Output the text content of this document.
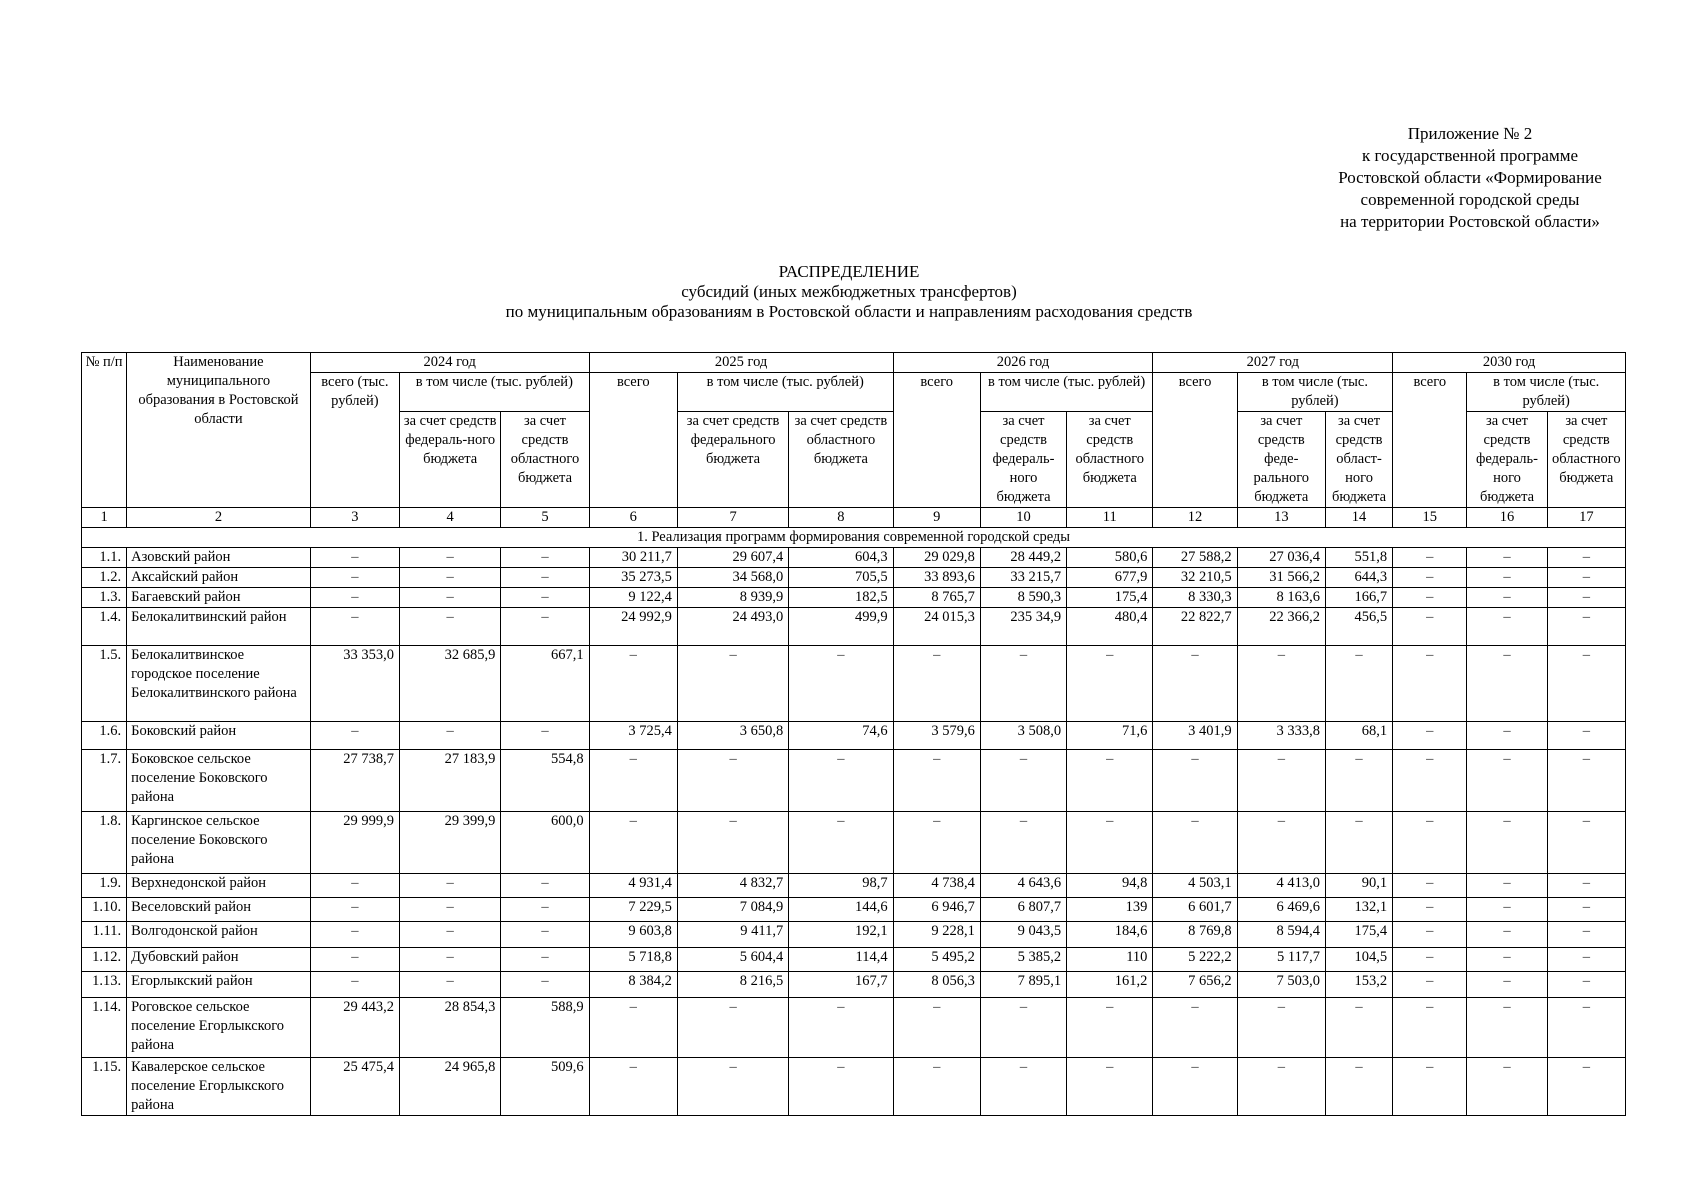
Приложение № 2
к государственной программе
Ростовской области «Формирование
современной городской среды
на территории Ростовской области»
РАСПРЕДЕЛЕНИЕ
субсидий (иных межбюджетных трансфертов)
по муниципальным образованиям в Ростовской области и направлениям расходования средств
№ п/п	Наименование муниципального образования в Ростовской области	2024 год			2025 год			2026 год			2027 год			2030 год		
		всего (тыс. рублей)	в том числе (тыс. рублей)		всего	в том числе (тыс. рублей)		всего	в том числе (тыс. рублей)		всего	в том числе (тыс. рублей)		всего	в том числе (тыс. рублей)	
			за счет средств федераль-ного бюджета	за счет средств областного бюджета		за счет средств федерального бюджета	за счет средств областного бюджета		за счет средств федераль-ного бюджета	за счет средств областного бюджета		за счет средств феде-рального бюджета	за счет средств област-ного бюджета		за счет средств федераль-ного бюджета	за счет средств областного бюджета
1	2	3	4	5	6	7	8	9	10	11	12	13	14	15	16	17
1. Реализация программ формирования современной городской среды																
1.1.	Азовский район	–	–	–	30 211,7	29 607,4	604,3	29 029,8	28 449,2	580,6	27 588,2	27 036,4	551,8	–	–	–
1.2.	Аксайский район	–	–	–	35 273,5	34 568,0	705,5	33 893,6	33 215,7	677,9	32 210,5	31 566,2	644,3	–	–	–
1.3.	Багаевский район	–	–	–	9 122,4	8 939,9	182,5	8 765,7	8 590,3	175,4	8 330,3	8 163,6	166,7	–	–	–
1.4.	Белокалитвинский район	–	–	–	24 992,9	24 493,0	499,9	24 015,3	235 34,9	480,4	22 822,7	22 366,2	456,5	–	–	–
1.5.	Белокалитвинское городское поселение Белокалитвинского района	33 353,0	32 685,9	667,1	–	–	–	–	–	–	–	–	–	–	–	–
1.6.	Боковский район	–	–	–	3 725,4	3 650,8	74,6	3 579,6	3 508,0	71,6	3 401,9	3 333,8	68,1	–	–	–
1.7.	Боковское сельское поселение Боковского района	27 738,7	27 183,9	554,8	–	–	–	–	–	–	–	–	–	–	–	–
1.8.	Каргинское сельское поселение Боковского района	29 999,9	29 399,9	600,0	–	–	–	–	–	–	–	–	–	–	–	–
1.9.	Верхнедонской район	–	–	–	4 931,4	4 832,7	98,7	4 738,4	4 643,6	94,8	4 503,1	4 413,0	90,1	–	–	–
1.10.	Веселовский район	–	–	–	7 229,5	7 084,9	144,6	6 946,7	6 807,7	139	6 601,7	6 469,6	132,1	–	–	–
1.11.	Волгодонской район	–	–	–	9 603,8	9 411,7	192,1	9 228,1	9 043,5	184,6	8 769,8	8 594,4	175,4	–	–	–
1.12.	Дубовский район	–	–	–	5 718,8	5 604,4	114,4	5 495,2	5 385,2	110	5 222,2	5 117,7	104,5	–	–	–
1.13.	Егорлыкский район	–	–	–	8 384,2	8 216,5	167,7	8 056,3	7 895,1	161,2	7 656,2	7 503,0	153,2	–	–	–
1.14.	Роговское сельское поселение Егорлыкского района	29 443,2	28 854,3	588,9	–	–	–	–	–	–	–	–	–	–	–	–
1.15.	Кавалерское сельское поселение Егорлыкского района	25 475,4	24 965,8	509,6	–	–	–	–	–	–	–	–	–	–	–	–
